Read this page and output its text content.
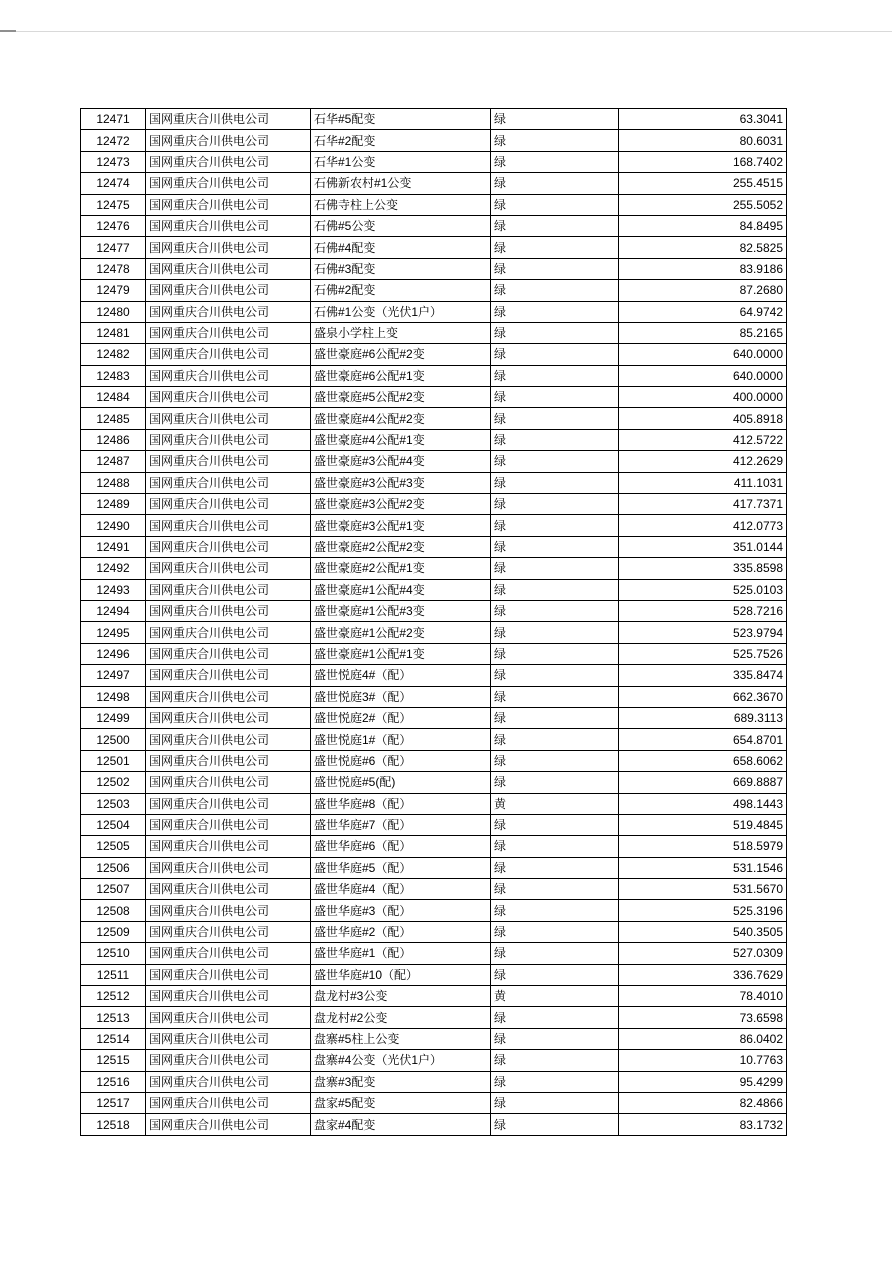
12471	国网重庆合川供电公司	石华#5配变	绿	63.3041
12472	国网重庆合川供电公司	石华#2配变	绿	80.6031
12473	国网重庆合川供电公司	石华#1公变	绿	168.7402
12474	国网重庆合川供电公司	石佛新农村#1公变	绿	255.4515
12475	国网重庆合川供电公司	石佛寺柱上公变	绿	255.5052
12476	国网重庆合川供电公司	石佛#5公变	绿	84.8495
12477	国网重庆合川供电公司	石佛#4配变	绿	82.5825
12478	国网重庆合川供电公司	石佛#3配变	绿	83.9186
12479	国网重庆合川供电公司	石佛#2配变	绿	87.2680
12480	国网重庆合川供电公司	石佛#1公变（光伏1户）	绿	64.9742
12481	国网重庆合川供电公司	盛泉小学柱上变	绿	85.2165
12482	国网重庆合川供电公司	盛世豪庭#6公配#2变	绿	640.0000
12483	国网重庆合川供电公司	盛世豪庭#6公配#1变	绿	640.0000
12484	国网重庆合川供电公司	盛世豪庭#5公配#2变	绿	400.0000
12485	国网重庆合川供电公司	盛世豪庭#4公配#2变	绿	405.8918
12486	国网重庆合川供电公司	盛世豪庭#4公配#1变	绿	412.5722
12487	国网重庆合川供电公司	盛世豪庭#3公配#4变	绿	412.2629
12488	国网重庆合川供电公司	盛世豪庭#3公配#3变	绿	411.1031
12489	国网重庆合川供电公司	盛世豪庭#3公配#2变	绿	417.7371
12490	国网重庆合川供电公司	盛世豪庭#3公配#1变	绿	412.0773
12491	国网重庆合川供电公司	盛世豪庭#2公配#2变	绿	351.0144
12492	国网重庆合川供电公司	盛世豪庭#2公配#1变	绿	335.8598
12493	国网重庆合川供电公司	盛世豪庭#1公配#4变	绿	525.0103
12494	国网重庆合川供电公司	盛世豪庭#1公配#3变	绿	528.7216
12495	国网重庆合川供电公司	盛世豪庭#1公配#2变	绿	523.9794
12496	国网重庆合川供电公司	盛世豪庭#1公配#1变	绿	525.7526
12497	国网重庆合川供电公司	盛世悦庭4#（配）	绿	335.8474
12498	国网重庆合川供电公司	盛世悦庭3#（配）	绿	662.3670
12499	国网重庆合川供电公司	盛世悦庭2#（配）	绿	689.3113
12500	国网重庆合川供电公司	盛世悦庭1#（配）	绿	654.8701
12501	国网重庆合川供电公司	盛世悦庭#6（配）	绿	658.6062
12502	国网重庆合川供电公司	盛世悦庭#5(配)	绿	669.8887
12503	国网重庆合川供电公司	盛世华庭#8（配）	黄	498.1443
12504	国网重庆合川供电公司	盛世华庭#7（配）	绿	519.4845
12505	国网重庆合川供电公司	盛世华庭#6（配）	绿	518.5979
12506	国网重庆合川供电公司	盛世华庭#5（配）	绿	531.1546
12507	国网重庆合川供电公司	盛世华庭#4（配）	绿	531.5670
12508	国网重庆合川供电公司	盛世华庭#3（配）	绿	525.3196
12509	国网重庆合川供电公司	盛世华庭#2（配）	绿	540.3505
12510	国网重庆合川供电公司	盛世华庭#1（配）	绿	527.0309
12511	国网重庆合川供电公司	盛世华庭#10（配）	绿	336.7629
12512	国网重庆合川供电公司	盘龙村#3公变	黄	78.4010
12513	国网重庆合川供电公司	盘龙村#2公变	绿	73.6598
12514	国网重庆合川供电公司	盘寨#5柱上公变	绿	86.0402
12515	国网重庆合川供电公司	盘寨#4公变（光伏1户）	绿	10.7763
12516	国网重庆合川供电公司	盘寨#3配变	绿	95.4299
12517	国网重庆合川供电公司	盘家#5配变	绿	82.4866
12518	国网重庆合川供电公司	盘家#4配变	绿	83.1732
